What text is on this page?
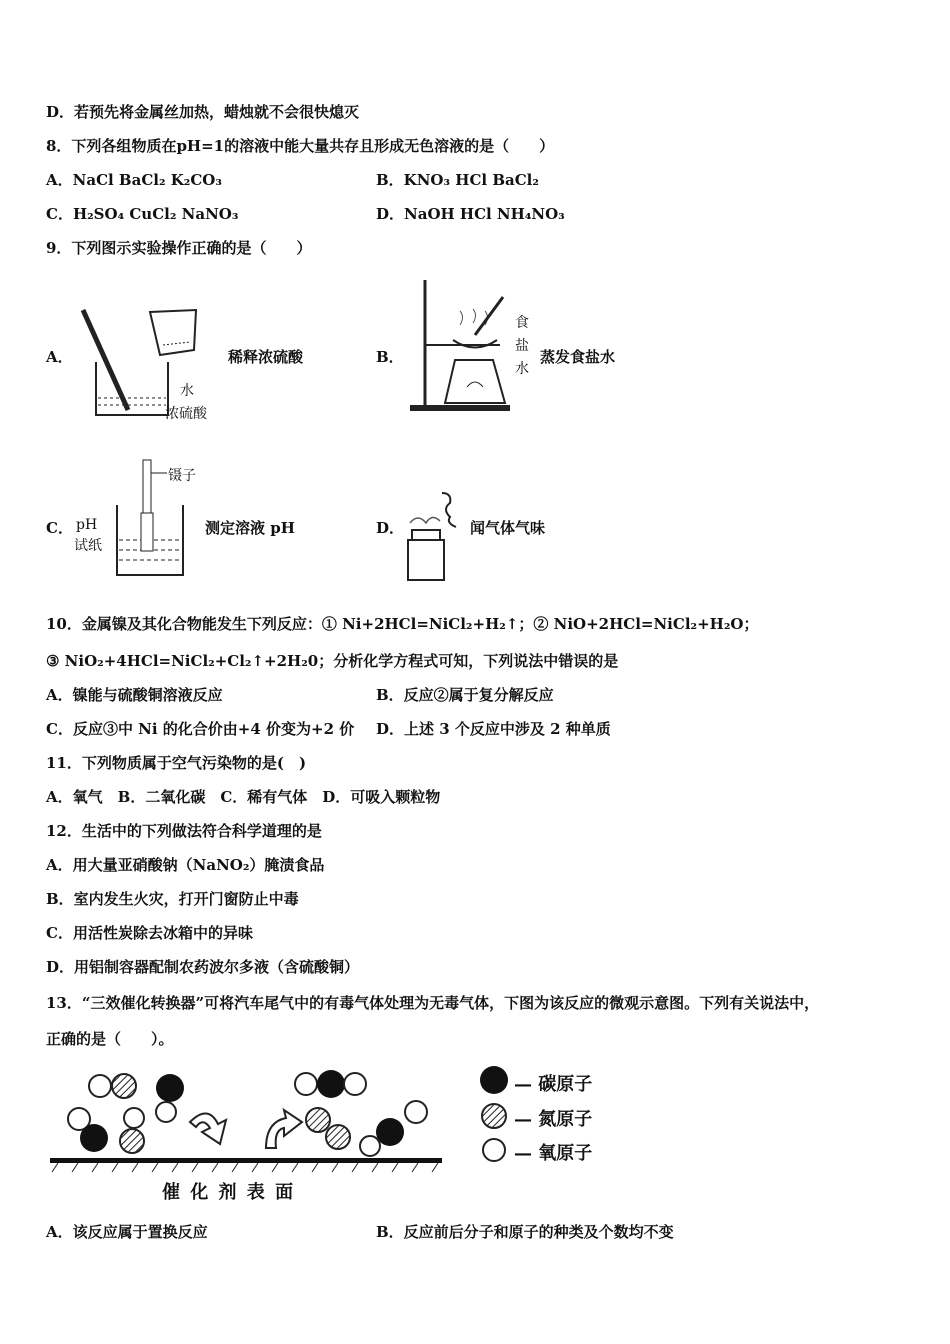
D．若预先将金属丝加热，蜡烛就不会很快熄灭
8．下列各组物质在pH=1的溶液中能大量共存且形成无色溶液的是（　　）
A．NaCl BaCl₂ K₂CO₃	B．KNO₃ HCl BaCl₂
C．H₂SO₄ CuCl₂ NaNO₃	D．NaOH HCl NH₄NO₃
9．下列图示实验操作正确的是（　　）
A．
水
浓硫酸
稀释浓硫酸	B．
食
盐
水
蒸发食盐水
C． pH
试纸
镊子
测定溶液 pH	D．	闻气体气味
10．金属镍及其化合物能发生下列反应：① Ni+2HCl=NiCl₂+H₂↑；② NiO+2HCl=NiCl₂+H₂O；
③ NiO₂+4HCl=NiCl₂+Cl₂↑+2H₂0；分析化学方程式可知，下列说法中错误的是
A．镍能与硫酸铜溶液反应	B．反应②属于复分解反应
C．反应③中 Ni 的化合价由+4 价变为+2 价 D．上述 3 个反应中涉及 2 种单质
11．下列物质属于空气污染物的是(　)
A．氧气　B．二氧化碳　C．稀有气体　D．可吸入颗粒物
12．生活中的下列做法符合科学道理的是
A．用大量亚硝酸钠（NaNO₂）腌渍食品
B．室内发生火灾，打开门窗防止中毒
C．用活性炭除去冰箱中的异味
D．用铝制容器配制农药波尔多液（含硫酸铜）
13．“三效催化转换器”可将汽车尾气中的有毒气体处理为无毒气体，下图为该反应的微观示意图。下列有关说法中，
正确的是（　　）。
催 化 剂 表 面
— 碳原子
— 氮原子
— 氧原子
A．该反应属于置换反应	B．反应前后分子和原子的种类及个数均不变
